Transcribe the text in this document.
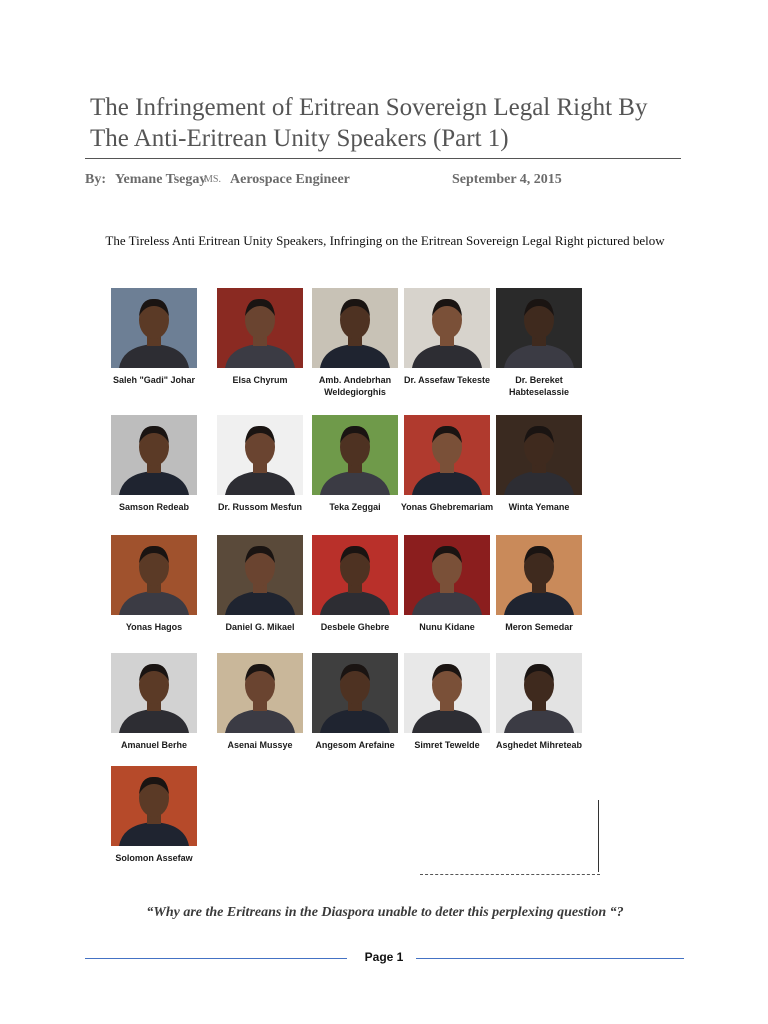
The Infringement of Eritrean Sovereign Legal Right By The Anti-Eritrean Unity Speakers (Part 1)
By: Yemane Tsegay
MS. Aerospace Engineer	September 4, 2015
The Tireless Anti Eritrean Unity Speakers, Infringing on the Eritrean Sovereign Legal Right pictured below
Saleh "Gadi" Johar	Elsa Chyrum	Amb. Andebrhan Weldegiorghis
Dr. Assefaw Tekeste	Dr. Bereket Habteselassie
Samson Redeab	Dr. Russom Mesfun	Teka Zeggai	Yonas Ghebremariam	Winta Yemane
Yonas Hagos	Daniel G. Mikael	Desbele Ghebre	Nunu Kidane	Meron Semedar
Amanuel Berhe	Asenai Mussye	Angesom Arefaine	Simret Tewelde	Asghedet Mihreteab
Solomon Assefaw
“Why are the Eritreans in the Diaspora unable to deter this perplexing question “?
Page 1
